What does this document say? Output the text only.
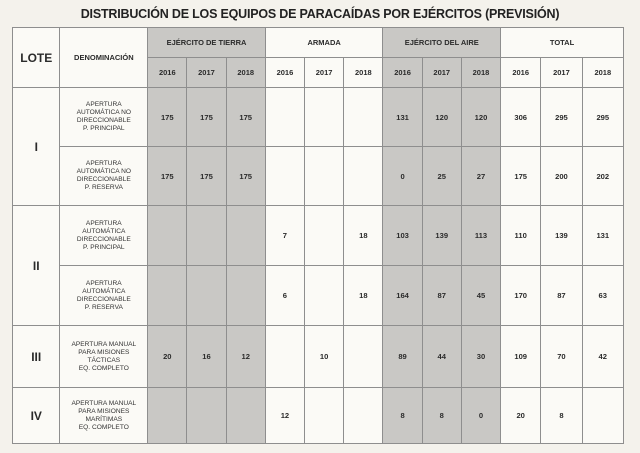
DISTRIBUCIÓN DE LOS EQUIPOS DE PARACAÍDAS POR EJÉRCITOS (PREVISIÓN)
LOTE	DENOMINACIÓN	EJÉRCITO DE TIERRA			ARMADA			EJÉRCITO DEL AIRE			TOTAL		
		2016	2017	2018	2016	2017	2018	2016	2017	2018	2016	2017	2018
I	APERTURA
AUTOMÁTICA NO
DIRECCIONABLE
P. PRINCIPAL	175	175	175				131	120	120	306	295	295
	APERTURA
AUTOMÁTICA NO
DIRECCIONABLE
P. RESERVA	175	175	175				0	25	27	175	200	202
II	APERTURA
AUTOMÁTICA
DIRECCIONABLE
P. PRINCIPAL				7		18	103	139	113	110	139	131
	APERTURA
AUTOMÁTICA
DIRECCIONABLE
P. RESERVA				6		18	164	87	45	170	87	63
III	APERTURA MANUAL
PARA MISIONES
TÁCTICAS
EQ. COMPLETO	20	16	12		10		89	44	30	109	70	42
IV	APERTURA MANUAL
PARA MISIONES
MARÍTIMAS
EQ. COMPLETO				12			8	8	0	20	8	
